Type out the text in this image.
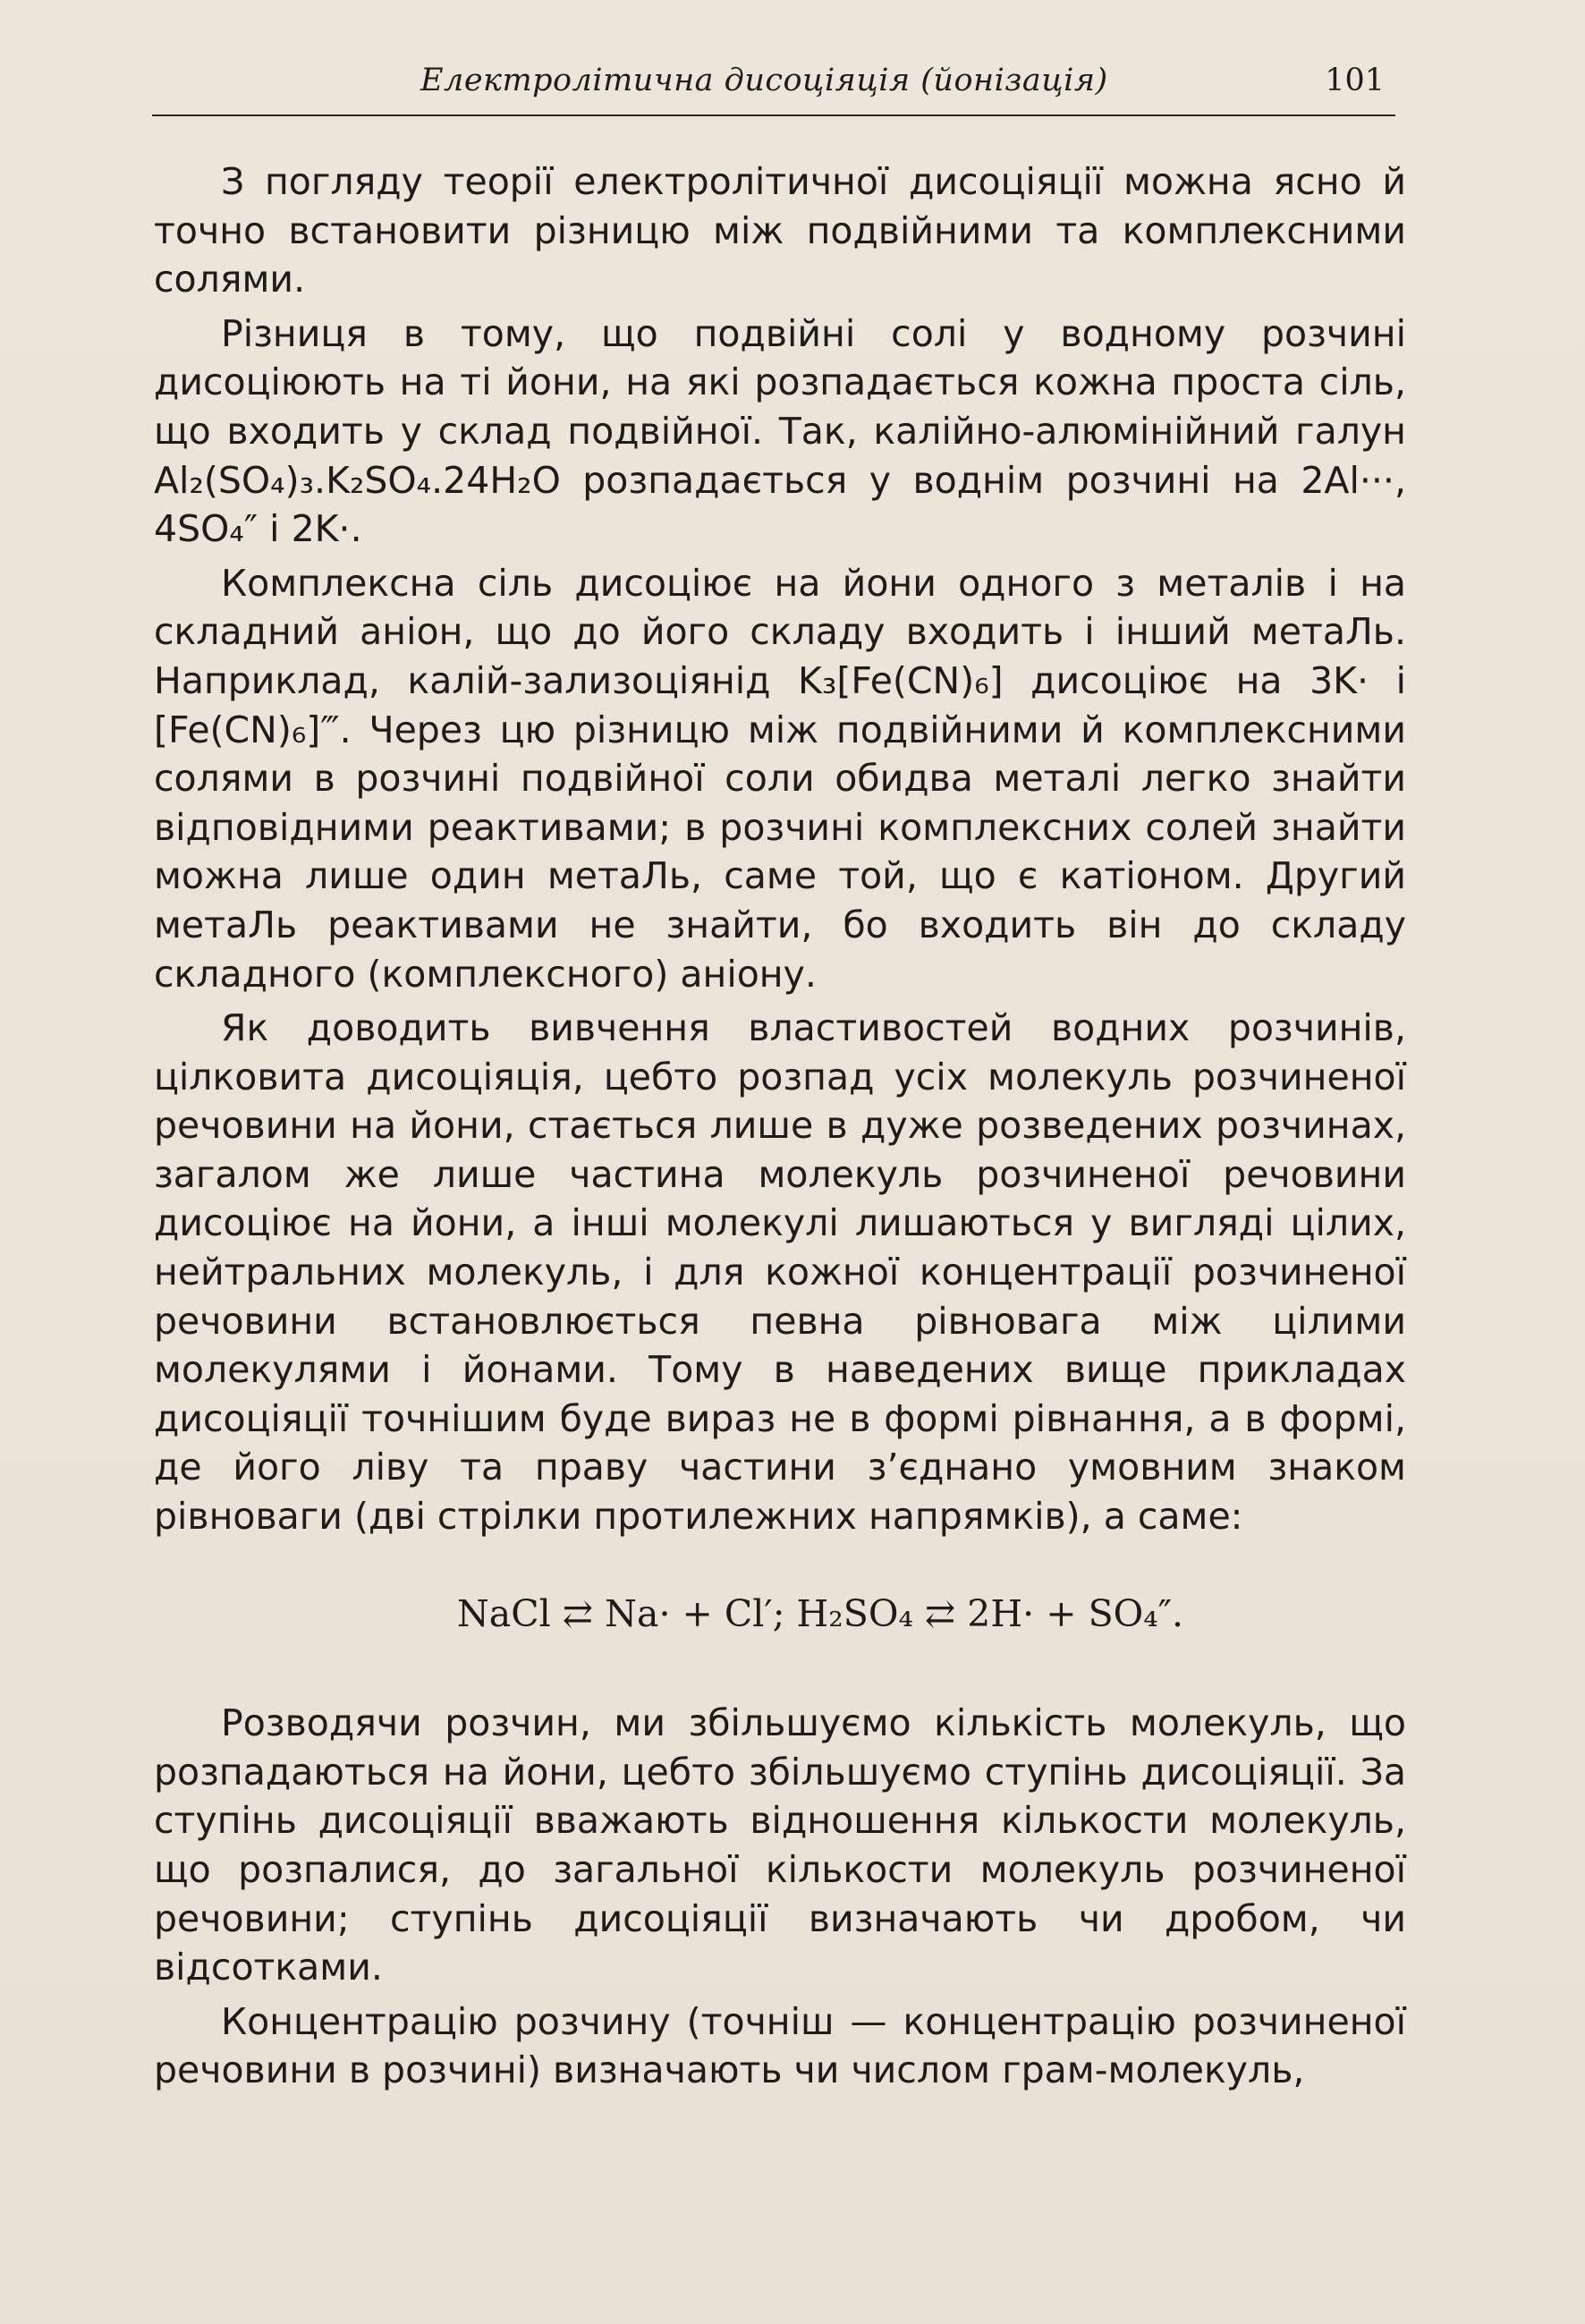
Електролітична дисоціяція (йонізація)	101

З погляду теорії електролітичної дисоціяції можна ясно й точно встановити різницю між подвійними та комплексними солями.

Різниця в тому, що подвійні солі у водному розчині дисоціюють на ті йони, на які розпадається кожна проста сіль, що входить у склад подвійної. Так, калійно-алюмінійний галун Al₂(SO₄)₃.K₂SO₄.24H₂O розпадається у воднім розчині на 2Al···, 4SO₄″ і 2K·.

Комплексна сіль дисоціює на йони одного з металів і на складний аніон, що до його складу входить і інший метаЛь. Наприклад, калій-зализоціянід K₃[Fe(CN)₆] дисоціює на 3K· і [Fe(CN)₆]‴. Через цю різницю між подвійними й комплексними солями в розчині подвійної соли обидва металі легко знайти відповідними реактивами; в розчині комплексних солей знайти можна лише один метаЛь, саме той, що є катіоном. Другий метаЛь реактивами не знайти, бо входить він до складу складного (комплексного) аніону.

Як доводить вивчення властивостей водних розчинів, цілковита дисоціяція, цебто розпад усіх молекуль розчиненої речовини на йони, стається лише в дуже розведених розчинах, загалом же лише частина молекуль розчиненої речовини дисоціює на йони, а інші молекулі лишаються у вигляді цілих, нейтральних молекуль, і для кожної концентрації розчиненої речовини встановлюється певна рівновага між цілими молекулями і йонами. Тому в наведених вище прикладах дисоціяції точнішим буде вираз не в формі рівнання, а в формі, де його ліву та праву частини з’єднано умовним знаком рівноваги (дві стрілки протилежних напрямків), а саме:

NaCl ⇄ Na· + Cl′; H₂SO₄ ⇄ 2H· + SO₄″.

Розводячи розчин, ми збільшуємо кількість молекуль, що розпадаються на йони, цебто збільшуємо ступінь дисоціяції. За ступінь дисоціяції вважають відношення кількости молекуль, що розпалися, до загальної кількости молекуль розчиненої речовини; ступінь дисоціяції визначають чи дробом, чи відсотками.

Концентрацію розчину (точніш — концентрацію розчиненої речовини в розчині) визначають чи числом грам-молекуль,
